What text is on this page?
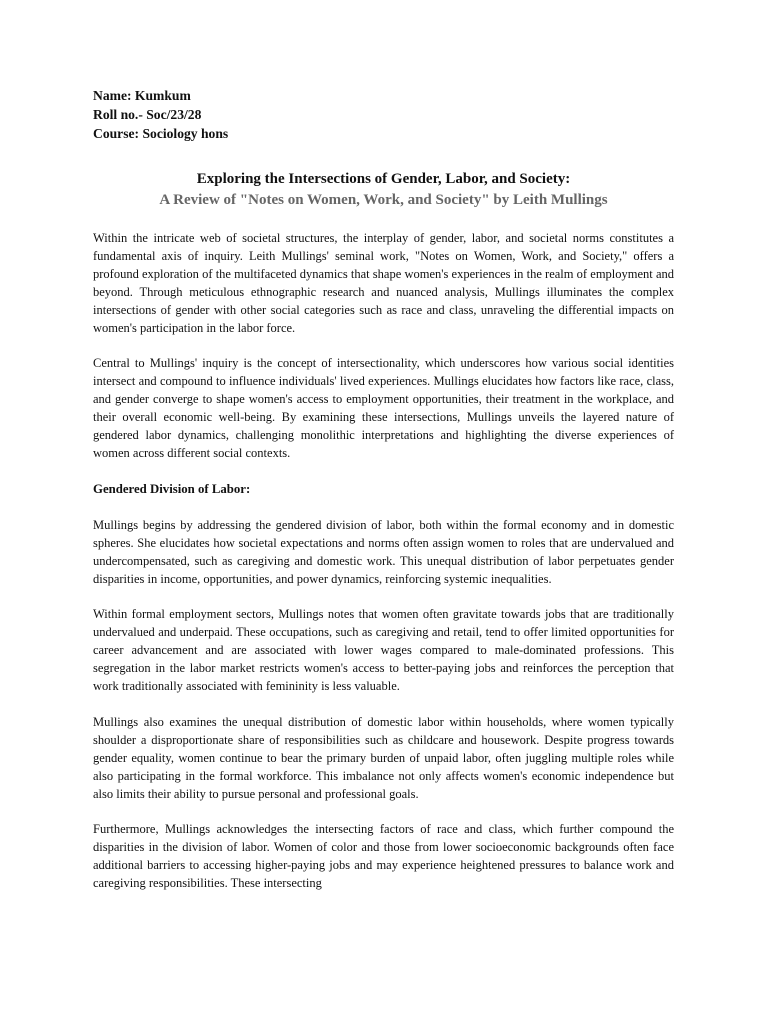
Name: Kumkum

Roll no.- Soc/23/28

Course: Sociology hons

Exploring the Intersections of Gender, Labor, and Society:
A Review of "Notes on Women, Work, and Society" by Leith Mullings

Within the intricate web of societal structures, the interplay of gender, labor, and societal norms constitutes a fundamental axis of inquiry. Leith Mullings' seminal work, "Notes on Women, Work, and Society," offers a profound exploration of the multifaceted dynamics that shape women's experiences in the realm of employment and beyond. Through meticulous ethnographic research and nuanced analysis, Mullings illuminates the complex intersections of gender with other social categories such as race and class, unraveling the differential impacts on women's participation in the labor force.

Central to Mullings' inquiry is the concept of intersectionality, which underscores how various social identities intersect and compound to influence individuals' lived experiences. Mullings elucidates how factors like race, class, and gender converge to shape women's access to employment opportunities, their treatment in the workplace, and their overall economic well-being. By examining these intersections, Mullings unveils the layered nature of gendered labor dynamics, challenging monolithic interpretations and highlighting the diverse experiences of women across different social contexts.

Gendered Division of Labor:

Mullings begins by addressing the gendered division of labor, both within the formal economy and in domestic spheres. She elucidates how societal expectations and norms often assign women to roles that are undervalued and undercompensated, such as caregiving and domestic work. This unequal distribution of labor perpetuates gender disparities in income, opportunities, and power dynamics, reinforcing systemic inequalities.

Within formal employment sectors, Mullings notes that women often gravitate towards jobs that are traditionally undervalued and underpaid. These occupations, such as caregiving and retail, tend to offer limited opportunities for career advancement and are associated with lower wages compared to male-dominated professions. This segregation in the labor market restricts women's access to better-paying jobs and reinforces the perception that work traditionally associated with femininity is less valuable.

Mullings also examines the unequal distribution of domestic labor within households, where women typically shoulder a disproportionate share of responsibilities such as childcare and housework. Despite progress towards gender equality, women continue to bear the primary burden of unpaid labor, often juggling multiple roles while also participating in the formal workforce. This imbalance not only affects women's economic independence but also limits their ability to pursue personal and professional goals.

Furthermore, Mullings acknowledges the intersecting factors of race and class, which further compound the disparities in the division of labor. Women of color and those from lower socioeconomic backgrounds often face additional barriers to accessing higher-paying jobs and may experience heightened pressures to balance work and caregiving responsibilities. These intersecting
